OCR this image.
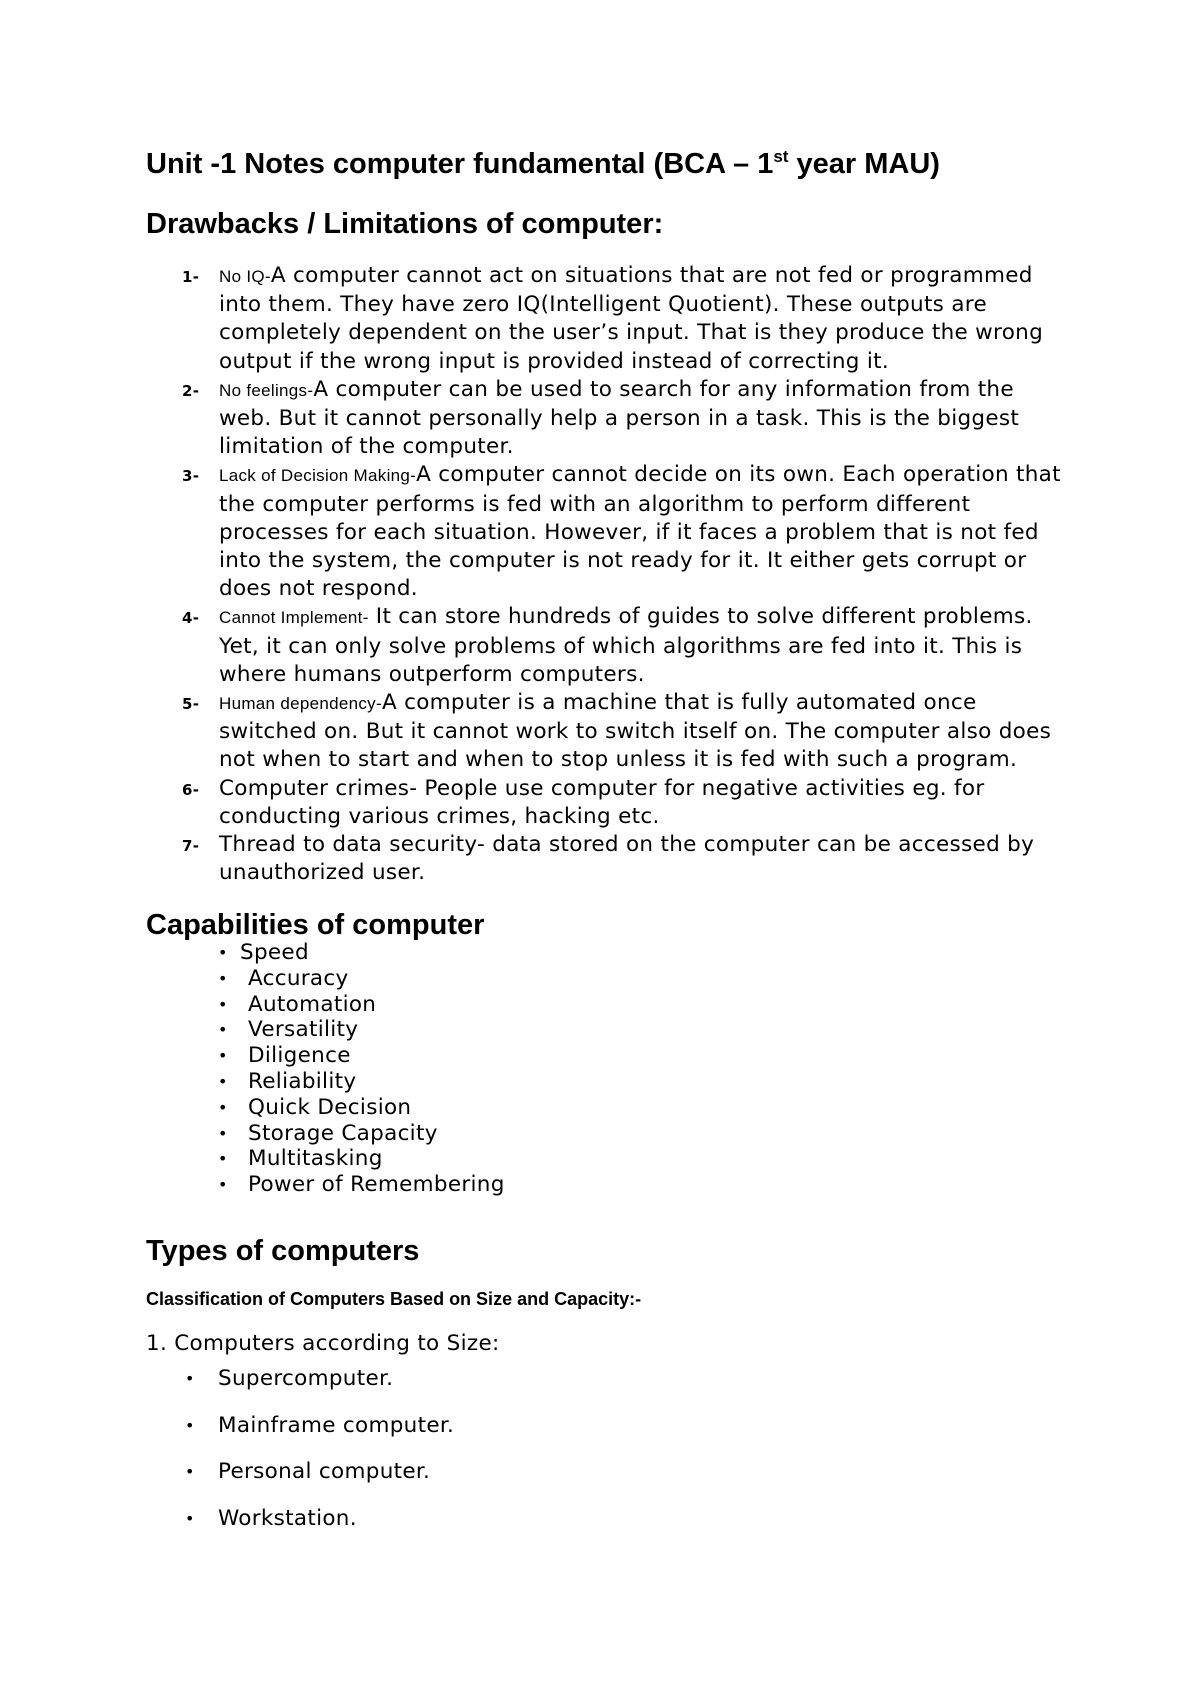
Unit -1 Notes computer fundamental (BCA – 1st year MAU)
Drawbacks / Limitations of computer:
1- No IQ-A computer cannot act on situations that are not fed or programmed into them. They have zero IQ(Intelligent Quotient). These outputs are completely dependent on the user’s input. That is they produce the wrong output if the wrong input is provided instead of correcting it.
2- No feelings-A computer can be used to search for any information from the web. But it cannot personally help a person in a task. This is the biggest limitation of the computer.
3- Lack of Decision Making-A computer cannot decide on its own. Each operation that the computer performs is fed with an algorithm to perform different processes for each situation. However, if it faces a problem that is not fed into the system, the computer is not ready for it. It either gets corrupt or does not respond.
4- Cannot Implement- It can store hundreds of guides to solve different problems. Yet, it can only solve problems of which algorithms are fed into it. This is where humans outperform computers.
5- Human dependency-A computer is a machine that is fully automated once switched on. But it cannot work to switch itself on. The computer also does not when to start and when to stop unless it is fed with such a program.
6- Computer crimes- People use computer for negative activities eg. for conducting various crimes, hacking etc.
7- Thread to data security- data stored on the computer can be accessed by unauthorized user.
Capabilities of computer
• Speed
• Accuracy
• Automation
• Versatility
• Diligence
• Reliability
• Quick Decision
• Storage Capacity
• Multitasking
• Power of Remembering
Types of computers

Classification of Computers Based on Size and Capacity:-

1. Computers according to Size:

• Supercomputer.
• Mainframe computer.
• Personal computer.
• Workstation.
